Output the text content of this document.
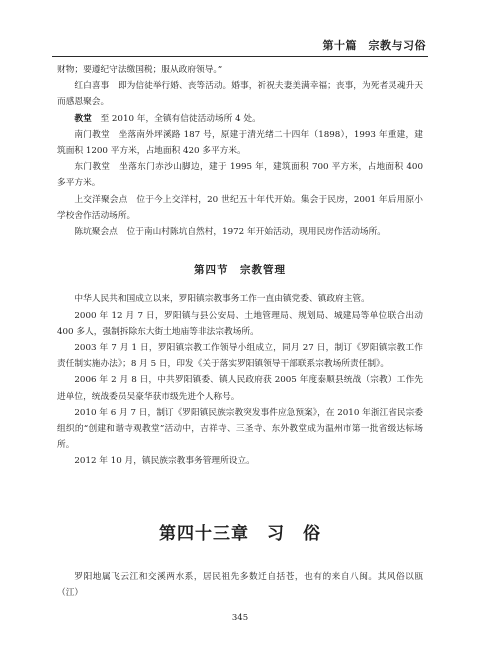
第十篇　宗教与习俗

财物；要遵纪守法缴国税；服从政府领导。”

红白喜事　即为信徒举行婚、丧等活动。婚事，祈祝夫妻美满幸福；丧事，为死者灵魂升天而感恩聚会。

教堂　至 2010 年，全镇有信徒活动场所 4 处。

南门教堂　坐落南外坪溪路 187 号，原建于清光绪二十四年（1898），1993 年重建，建筑面积 1200 平方米，占地面积 420 多平方米。

东门教堂　坐落东门赤沙山脚边，建于 1995 年，建筑面积 700 平方米，占地面积 400 多平方米。

上交洋聚会点　位于今上交洋村，20 世纪五十年代开始。集会于民房，2001 年后用原小学校舍作活动场所。

陈坑聚会点　位于南山村陈坑自然村，1972 年开始活动，现用民房作活动场所。

第四节　宗教管理

中华人民共和国成立以来，罗阳镇宗教事务工作一直由镇党委、镇政府主管。

2000 年 12 月 7 日，罗阳镇与县公安局、土地管理局、规划局、城建局等单位联合出动 400 多人，强制拆除东大街土地庙等非法宗教场所。

2003 年 7 月 1 日，罗阳镇宗教工作领导小组成立，同月 27 日，制订《罗阳镇宗教工作责任制实施办法》；8 月 5 日，印发《关于落实罗阳镇领导干部联系宗教场所责任制》。

2006 年 2 月 8 日，中共罗阳镇委、镇人民政府获 2005 年度泰顺县统战（宗教）工作先进单位，统战委员吴豪华获市级先进个人称号。

2010 年 6 月 7 日，制订《罗阳镇民族宗教突发事件应急预案》，在 2010 年浙江省民宗委组织的“创建和谐寺观教堂”活动中，吉祥寺、三圣寺、东外教堂成为温州市第一批省级达标场所。

2012 年 10 月，镇民族宗教事务管理所设立。

第四十三章　习　俗

罗阳地属飞云江和交溪两水系，居民祖先多数迁自括苍，也有的来自八闽。其风俗以瓯（江）

345
